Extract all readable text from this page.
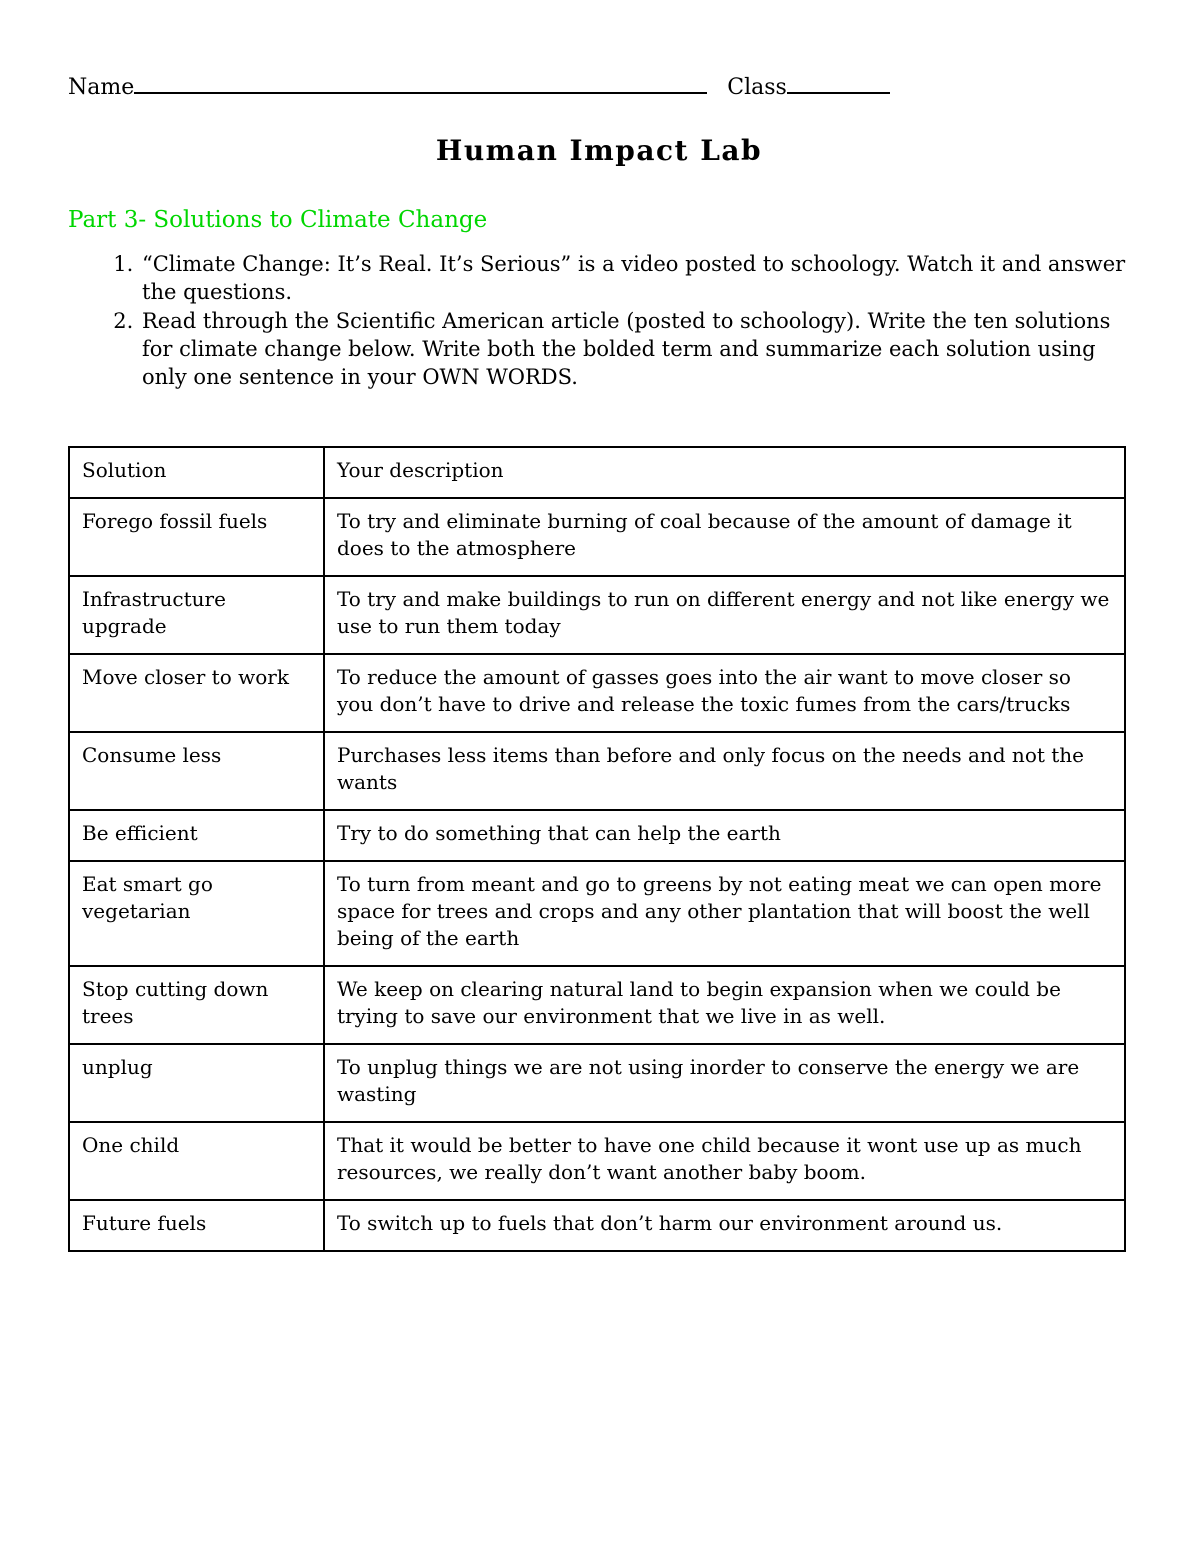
Name	Class
Human Impact Lab
Part 3- Solutions to Climate Change
1. “Climate Change: It’s Real. It’s Serious” is a video posted to schoology. Watch it and answer the questions.
2. Read through the Scientific American article (posted to schoology). Write the ten solutions for climate change below. Write both the bolded term and summarize each solution using only one sentence in your OWN WORDS.
Solution	Your description
Forego fossil fuels	To try and eliminate burning of coal because of the amount of damage it does to the atmosphere
Infrastructure upgrade	To try and make buildings to run on different energy and not like energy we use to run them today
Move closer to work	To reduce the amount of gasses goes into the air want to move closer so you don’t have to drive and release the toxic fumes from the cars/trucks
Consume less	Purchases less items than before and only focus on the needs and not the wants
Be efficient	Try to do something that can help the earth
Eat smart go vegetarian	To turn from meant and go to greens by not eating meat we can open more space for trees and crops and any other plantation that will boost the well being of the earth
Stop cutting down trees	We keep on clearing natural land to begin expansion when we could be trying to save our environment that we live in as well.
unplug	To unplug things we are not using inorder to conserve the energy we are wasting
One child	That it would be better to have one child because it wont use up as much resources, we really don’t want another baby boom.
Future fuels	To switch up to fuels that don’t harm our environment around us.
